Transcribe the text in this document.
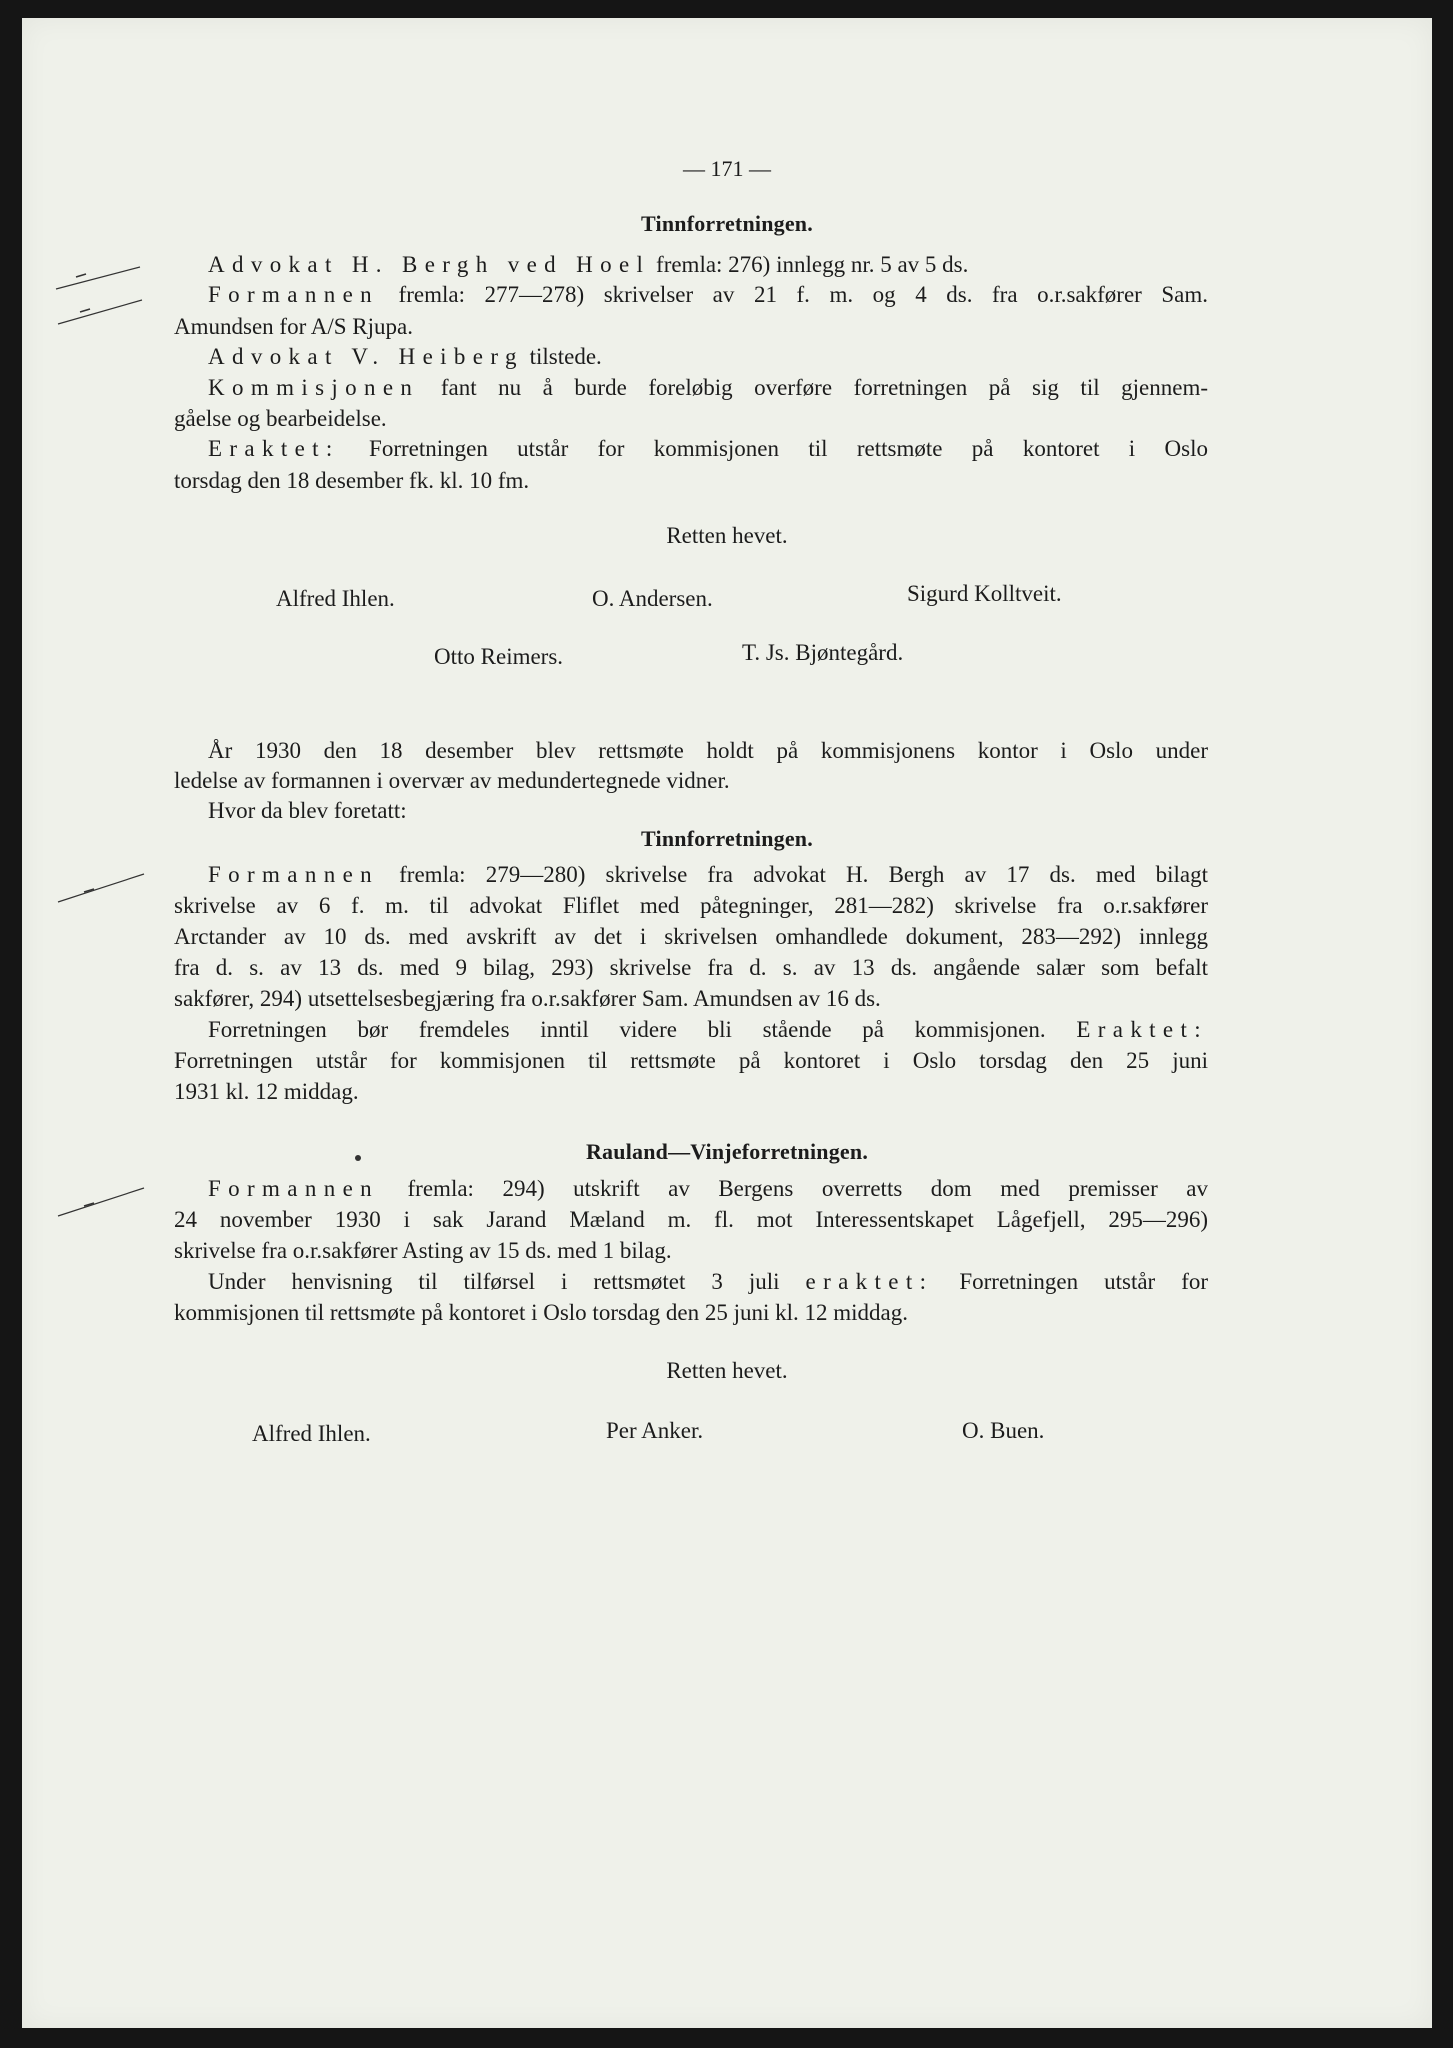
— 171 —
Tinnforretningen.
Advokat H. Bergh ved Hoel fremla: 276) innlegg nr. 5 av 5 ds.
Formannen fremla: 277—278) skrivelser av 21 f. m. og 4 ds. fra o.r.sakfører Sam.
Amundsen for A/S Rjupa.
Advokat V. Heiberg tilstede.
Kommisjonen fant nu å burde foreløbig overføre forretningen på sig til gjennem-
gåelse og bearbeidelse.
Eraktet: Forretningen utstår for kommisjonen til rettsmøte på kontoret i Oslo
torsdag den 18 desember fk. kl. 10 fm.
Retten hevet.
Alfred Ihlen.	O. Andersen.	Sigurd Kolltveit.
Otto Reimers.	T. Js. Bjøntegård.
År 1930 den 18 desember blev rettsmøte holdt på kommisjonens kontor i Oslo under
ledelse av formannen i overvær av medundertegnede vidner.
Hvor da blev foretatt:
Tinnforretningen.
Formannen fremla: 279—280) skrivelse fra advokat H. Bergh av 17 ds. med bilagt
skrivelse av 6 f. m. til advokat Fliflet med påtegninger, 281—282) skrivelse fra o.r.sakfører
Arctander av 10 ds. med avskrift av det i skrivelsen omhandlede dokument, 283—292) innlegg
fra d. s. av 13 ds. med 9 bilag, 293) skrivelse fra d. s. av 13 ds. angående salær som befalt
sakfører, 294) utsettelsesbegjæring fra o.r.sakfører Sam. Amundsen av 16 ds.
Forretningen bør fremdeles inntil videre bli stående på kommisjonen. Eraktet:
Forretningen utstår for kommisjonen til rettsmøte på kontoret i Oslo torsdag den 25 juni
1931 kl. 12 middag.
Rauland—Vinjeforretningen.
Formannen fremla: 294) utskrift av Bergens overretts dom med premisser av
24 november 1930 i sak Jarand Mæland m. fl. mot Interessentskapet Lågefjell, 295—296)
skrivelse fra o.r.sakfører Asting av 15 ds. med 1 bilag.
Under henvisning til tilførsel i rettsmøtet 3 juli eraktet: Forretningen utstår for
kommisjonen til rettsmøte på kontoret i Oslo torsdag den 25 juni kl. 12 middag.
Retten hevet.
Alfred Ihlen.	Per Anker.	O. Buen.
